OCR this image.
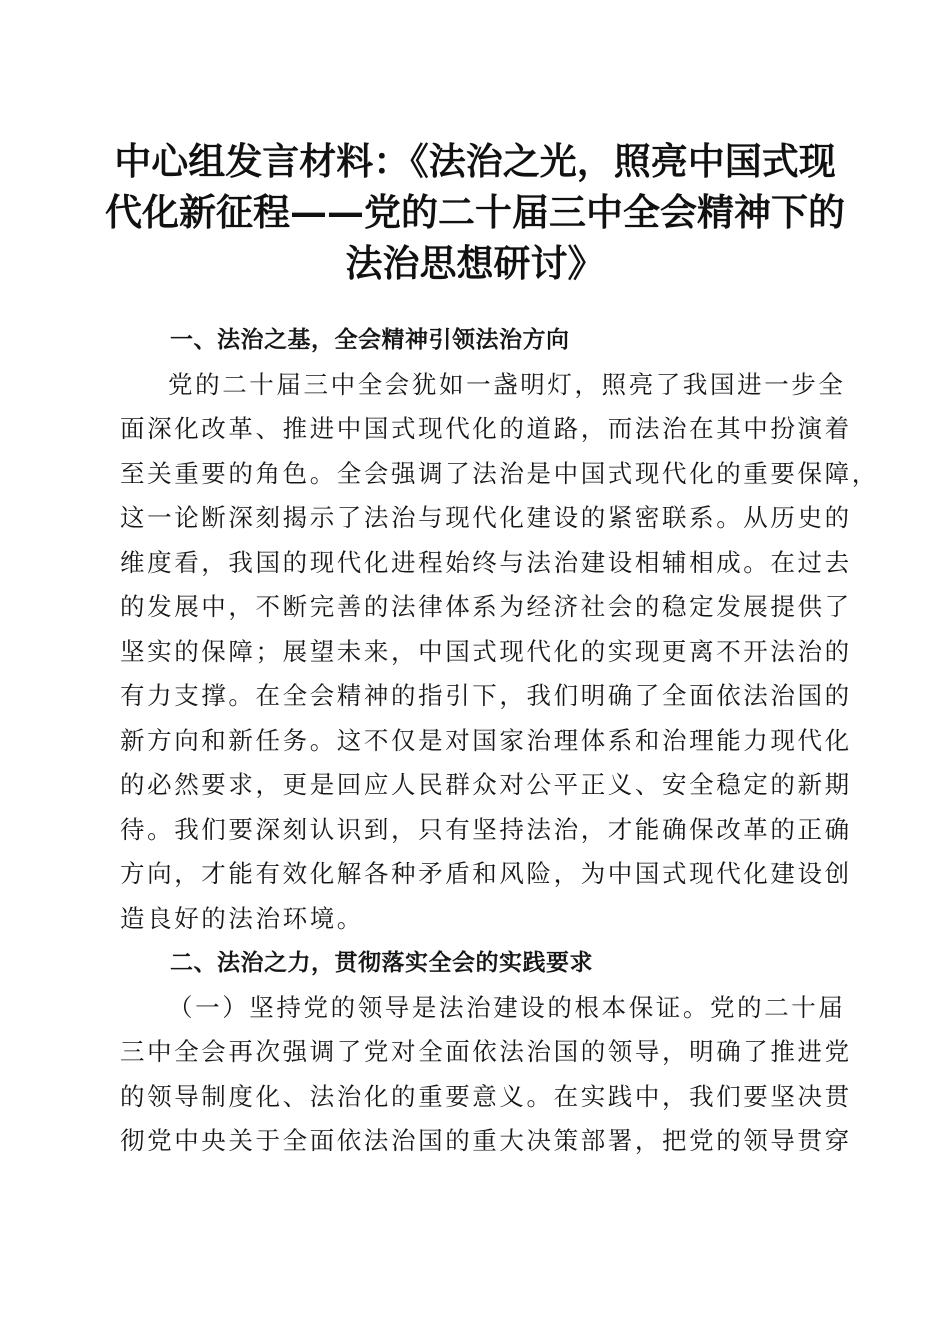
中心组发言材料：《法治之光，照亮中国式现
代化新征程——党的二十届三中全会精神下的
法治思想研讨》
一、法治之基，全会精神引领法治方向

党的二十届三中全会犹如一盏明灯，照亮了我国进一步全
面深化改革、推进中国式现代化的道路，而法治在其中扮演着
至关重要的角色。全会强调了法治是中国式现代化的重要保障，
这一论断深刻揭示了法治与现代化建设的紧密联系。从历史的
维度看，我国的现代化进程始终与法治建设相辅相成。在过去
的发展中，不断完善的法律体系为经济社会的稳定发展提供了
坚实的保障；展望未来，中国式现代化的实现更离不开法治的
有力支撑。在全会精神的指引下，我们明确了全面依法治国的
新方向和新任务。这不仅是对国家治理体系和治理能力现代化
的必然要求，更是回应人民群众对公平正义、安全稳定的新期
待。我们要深刻认识到，只有坚持法治，才能确保改革的正确
方向，才能有效化解各种矛盾和风险，为中国式现代化建设创
造良好的法治环境。

二、法治之力，贯彻落实全会的实践要求

（一）坚持党的领导是法治建设的根本保证。党的二十届
三中全会再次强调了党对全面依法治国的领导，明确了推进党
的领导制度化、法治化的重要意义。在实践中，我们要坚决贯
彻党中央关于全面依法治国的重大决策部署，把党的领导贯穿
